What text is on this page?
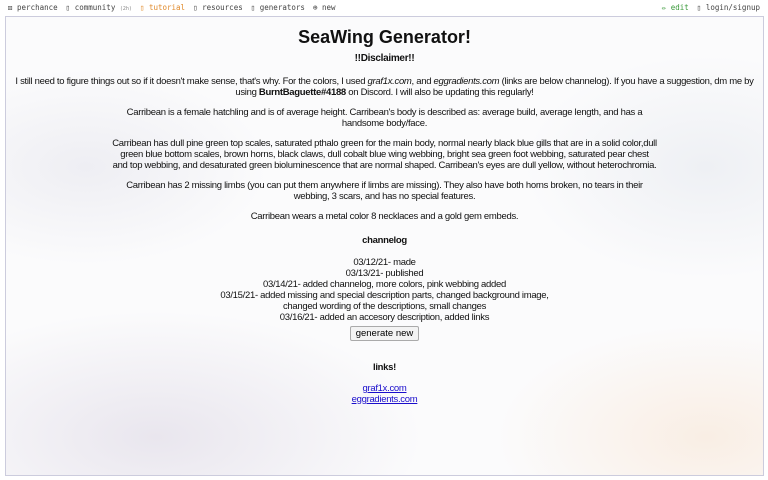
⚄ perchance ▯ community (2h) ▯ tutorial ▯ resources ▯ generators ⊕ new	✏ edit ▯ login/signup
SeaWing Generator!
!!Disclaimer!!

I still need to figure things out so if it doesn't make sense, that's why. For the colors, I used graf1x.com, and eggradients.com (links are below channelog). If you have a suggestion, dm me by using BurntBaguette#4188 on Discord. I will also be updating this regularly!

Carribean is a female hatchling and is of average height. Carribean's body is described as: average build, average length, and has a handsome body/face.

Carribean has dull pine green top scales, saturated pthalo green for the main body, normal nearly black blue gills that are in a solid color,dull green blue bottom scales, brown horns, black claws, dull cobalt blue wing webbing, bright sea green foot webbing, saturated pear chest and top webbing, and desaturated green bioluminescence that are normal shaped. Carribean's eyes are dull yellow, without heterochromia.

Carribean has 2 missing limbs (you can put them anywhere if limbs are missing). They also have both horns broken, no tears in their webbing, 3 scars, and has no special features.

Carribean wears a metal color 8 necklaces and a gold gem embeds.

channelog
03/12/21- made
03/13/21- published
03/14/21- added channelog, more colors, pink webbing added
03/15/21- added missing and special description parts, changed background image,
changed wording of the descriptions, small changes
03/16/21- added an accesory description, added links
generate new
links!
graf1x.com
eggradients.com
